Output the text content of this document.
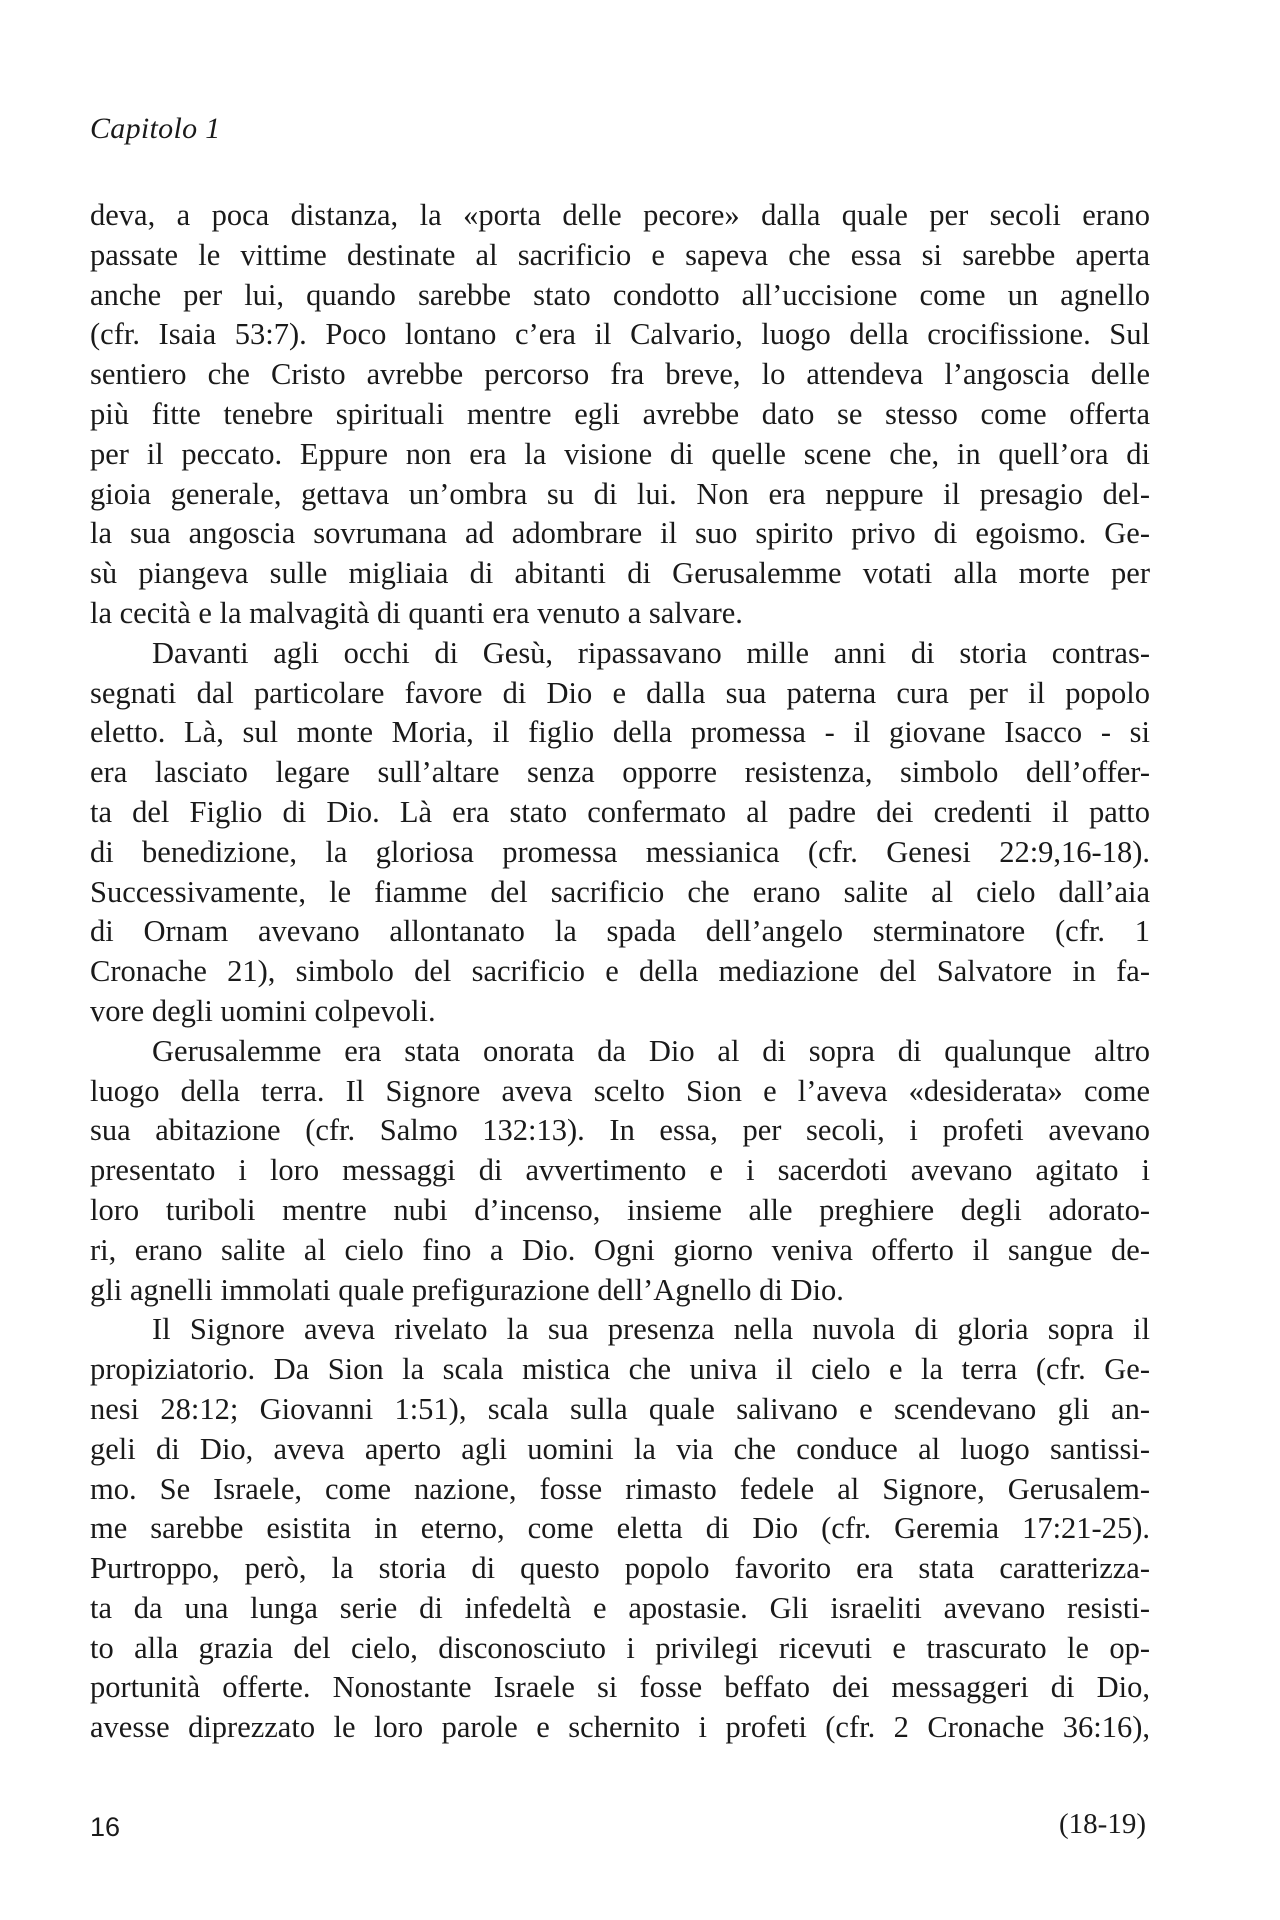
Capitolo 1
deva, a poca distanza, la «porta delle pecore» dalla quale per secoli erano
passate le vittime destinate al sacrificio e sapeva che essa si sarebbe aperta
anche per lui, quando sarebbe stato condotto all’uccisione come un agnello
(cfr. Isaia 53:7). Poco lontano c’era il Calvario, luogo della crocifissione. Sul
sentiero che Cristo avrebbe percorso fra breve, lo attendeva l’angoscia delle
più fitte tenebre spirituali mentre egli avrebbe dato se stesso come offerta
per il peccato. Eppure non era la visione di quelle scene che, in quell’ora di
gioia generale, gettava un’ombra su di lui. Non era neppure il presagio del-
la sua angoscia sovrumana ad adombrare il suo spirito privo di egoismo. Ge-
sù piangeva sulle migliaia di abitanti di Gerusalemme votati alla morte per
la cecità e la malvagità di quanti era venuto a salvare.
Davanti agli occhi di Gesù, ripassavano mille anni di storia contras-
segnati dal particolare favore di Dio e dalla sua paterna cura per il popolo
eletto. Là, sul monte Moria, il figlio della promessa - il giovane Isacco - si
era lasciato legare sull’altare senza opporre resistenza, simbolo dell’offer-
ta del Figlio di Dio. Là era stato confermato al padre dei credenti il patto
di benedizione, la gloriosa promessa messianica (cfr. Genesi 22:9,16-18).
Successivamente, le fiamme del sacrificio che erano salite al cielo dall’aia
di Ornam avevano allontanato la spada dell’angelo sterminatore (cfr. 1
Cronache 21), simbolo del sacrificio e della mediazione del Salvatore in fa-
vore degli uomini colpevoli.
Gerusalemme era stata onorata da Dio al di sopra di qualunque altro
luogo della terra. Il Signore aveva scelto Sion e l’aveva «desiderata» come
sua abitazione (cfr. Salmo 132:13). In essa, per secoli, i profeti avevano
presentato i loro messaggi di avvertimento e i sacerdoti avevano agitato i
loro turiboli mentre nubi d’incenso, insieme alle preghiere degli adorato-
ri, erano salite al cielo fino a Dio. Ogni giorno veniva offerto il sangue de-
gli agnelli immolati quale prefigurazione dell’Agnello di Dio.
Il Signore aveva rivelato la sua presenza nella nuvola di gloria sopra il
propiziatorio. Da Sion la scala mistica che univa il cielo e la terra (cfr. Ge-
nesi 28:12; Giovanni 1:51), scala sulla quale salivano e scendevano gli an-
geli di Dio, aveva aperto agli uomini la via che conduce al luogo santissi-
mo. Se Israele, come nazione, fosse rimasto fedele al Signore, Gerusalem-
me sarebbe esistita in eterno, come eletta di Dio (cfr. Geremia 17:21-25).
Purtroppo, però, la storia di questo popolo favorito era stata caratterizza-
ta da una lunga serie di infedeltà e apostasie. Gli israeliti avevano resisti-
to alla grazia del cielo, disconosciuto i privilegi ricevuti e trascurato le op-
portunità offerte. Nonostante Israele si fosse beffato dei messaggeri di Dio,
avesse diprezzato le loro parole e schernito i profeti (cfr. 2 Cronache 36:16),
16	(18-19)
